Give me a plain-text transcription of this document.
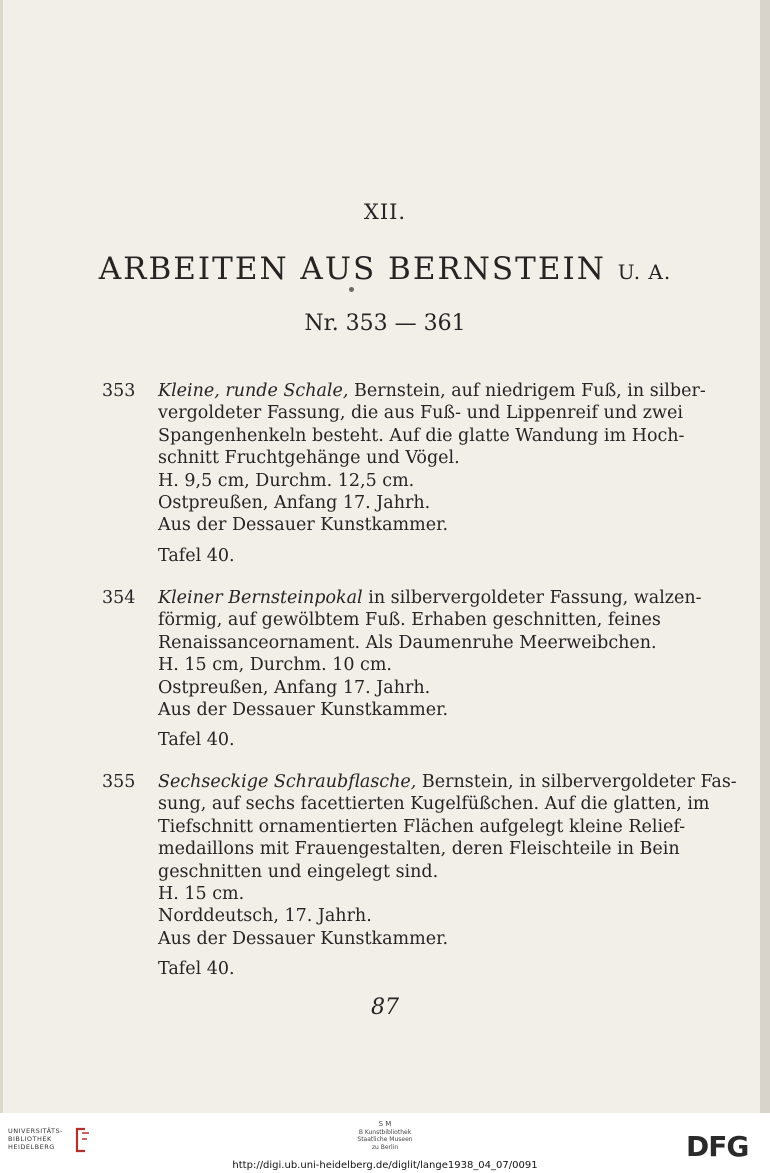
XII.
ARBEITEN AUS BERNSTEIN U. A.
Nr. 353 — 361
353 Kleine, runde Schale, Bernstein, auf niedrigem Fuß, in silber-
vergoldeter Fassung, die aus Fuß- und Lippenreif und zwei
Spangenhenkeln besteht. Auf die glatte Wandung im Hoch-
schnitt Fruchtgehänge und Vögel.
H. 9,5 cm, Durchm. 12,5 cm.
Ostpreußen, Anfang 17. Jahrh.
Aus der Dessauer Kunstkammer.
Tafel 40.
354 Kleiner Bernsteinpokal in silbervergoldeter Fassung, walzen-
förmig, auf gewölbtem Fuß. Erhaben geschnitten, feines
Renaissanceornament. Als Daumenruhe Meerweibchen.
H. 15 cm, Durchm. 10 cm.
Ostpreußen, Anfang 17. Jahrh.
Aus der Dessauer Kunstkammer.
Tafel 40.
355 Sechseckige Schraubflasche, Bernstein, in silbervergoldeter Fas-
sung, auf sechs facettierten Kugelfüßchen. Auf die glatten, im
Tiefschnitt ornamentierten Flächen aufgelegt kleine Relief-
medaillons mit Frauengestalten, deren Fleischteile in Bein
geschnitten und eingelegt sind.
H. 15 cm.
Norddeutsch, 17. Jahrh.
Aus der Dessauer Kunstkammer.
Tafel 40.
87
UNIVERSITÄTS-
BIBLIOTHEK
HEIDELBERG
S M
B Kunstbibliothek
Staatliche Museen
zu Berlin	DFG
http://digi.ub.uni-heidelberg.de/diglit/lange1938_04_07/0091
